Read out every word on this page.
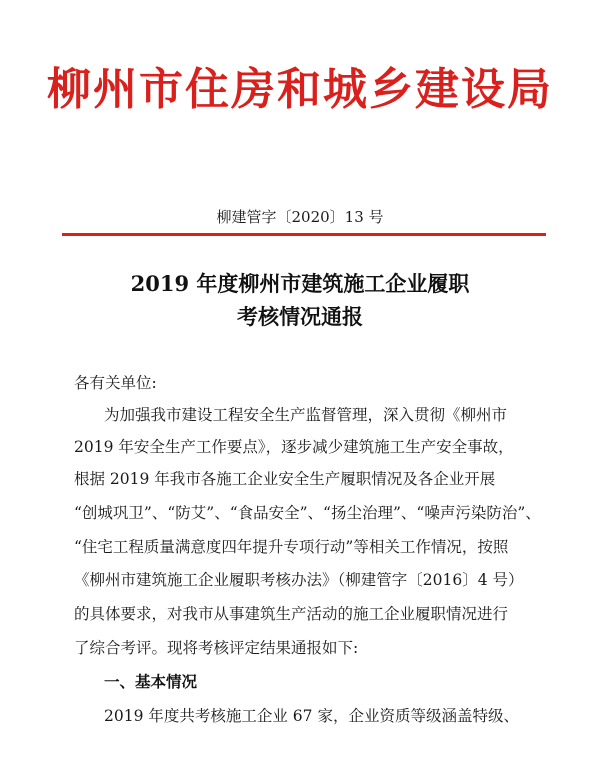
柳州市住房和城乡建设局
柳建管字〔2020〕13 号
2019 年度柳州市建筑施工企业履职
考核情况通报
各有关单位:
为加强我市建设工程安全生产监督管理，深入贯彻《柳州市
2019 年安全生产工作要点》，逐步减少建筑施工生产安全事故，
根据 2019 年我市各施工企业安全生产履职情况及各企业开展
“创城巩卫”、“防艾”、“食品安全”、“扬尘治理”、“噪声污染防治”、
“住宅工程质量满意度四年提升专项行动”等相关工作情况，按照
《柳州市建筑施工企业履职考核办法》（柳建管字〔2016〕4 号）
的具体要求，对我市从事建筑生产活动的施工企业履职情况进行
了综合考评。现将考核评定结果通报如下:
一、基本情况
2019 年度共考核施工企业 67 家，企业资质等级涵盖特级、
